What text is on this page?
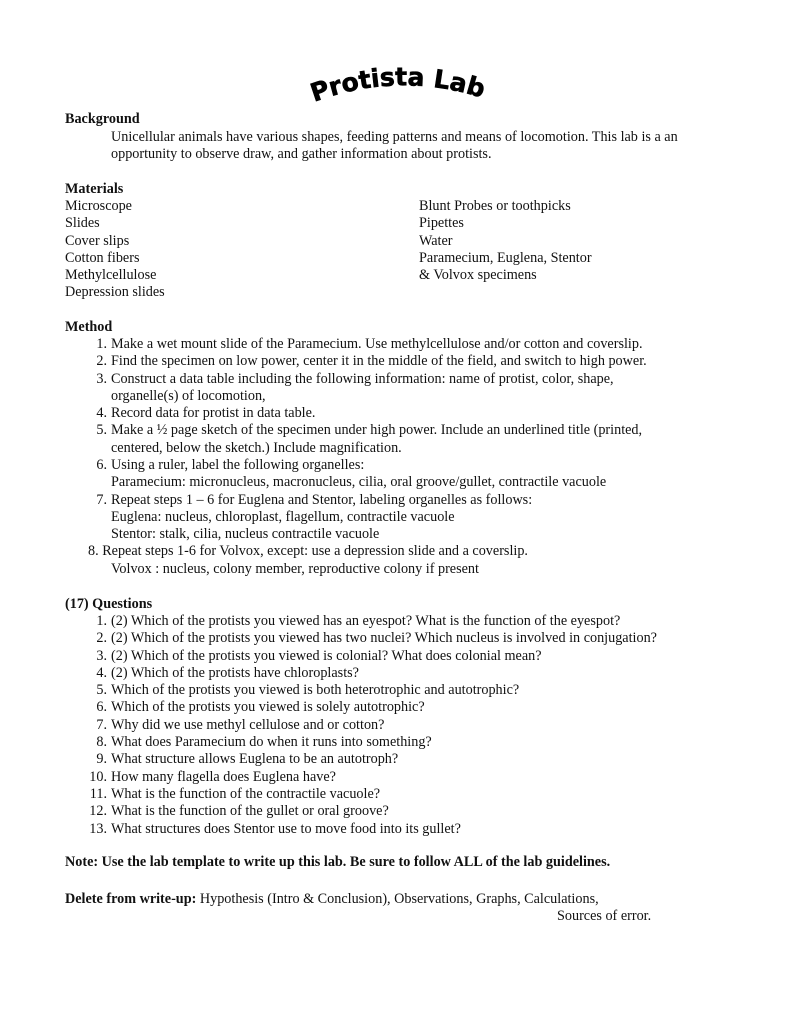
Protista Lab
Background
Unicellular animals have various shapes, feeding patterns and means of locomotion. This lab is a an opportunity to observe draw, and gather information about protists.
Materials
Microscope
Slides
Cover slips
Cotton fibers
Methylcellulose
Depression slides
Blunt Probes or toothpicks
Pipettes
Water
Paramecium, Euglena, Stentor
& Volvox specimens
Method
1. Make a wet mount slide of the Paramecium. Use methylcellulose and/or cotton and coverslip.
2. Find the specimen on low power, center it in the middle of the field, and switch to high power.
3. Construct a data table including the following information: name of protist, color, shape,
organelle(s) of locomotion,
4. Record data for protist in data table.
5. Make a ½ page sketch of the specimen under high power. Include an underlined title (printed,
centered, below the sketch.) Include magnification.
6. Using a ruler, label the following organelles:
Paramecium: micronucleus, macronucleus, cilia, oral groove/gullet, contractile vacuole
7. Repeat steps 1 – 6 for Euglena and Stentor, labeling organelles as follows:
Euglena: nucleus, chloroplast, flagellum, contractile vacuole
Stentor: stalk, cilia, nucleus contractile vacuole
8. Repeat steps 1-6 for Volvox, except: use a depression slide and a coverslip.
Volvox : nucleus, colony member, reproductive colony if present
(17) Questions
1. (2) Which of the protists you viewed has an eyespot? What is the function of the eyespot?
2. (2) Which of the protists you viewed has two nuclei? Which nucleus is involved in conjugation?
3. (2) Which of the protists you viewed is colonial? What does colonial mean?
4. (2) Which of the protists have chloroplasts?
5. Which of the protists you viewed is both heterotrophic and autotrophic?
6. Which of the protists you viewed is solely autotrophic?
7. Why did we use methyl cellulose and or cotton?
8. What does Paramecium do when it runs into something?
9. What structure allows Euglena to be an autotroph?
10. How many flagella does Euglena have?
11. What is the function of the contractile vacuole?
12. What is the function of the gullet or oral groove?
13. What structures does Stentor use to move food into its gullet?
Note: Use the lab template to write up this lab. Be sure to follow ALL of the lab guidelines.
Delete from write-up: Hypothesis (Intro & Conclusion), Observations, Graphs, Calculations,
Sources of error.
